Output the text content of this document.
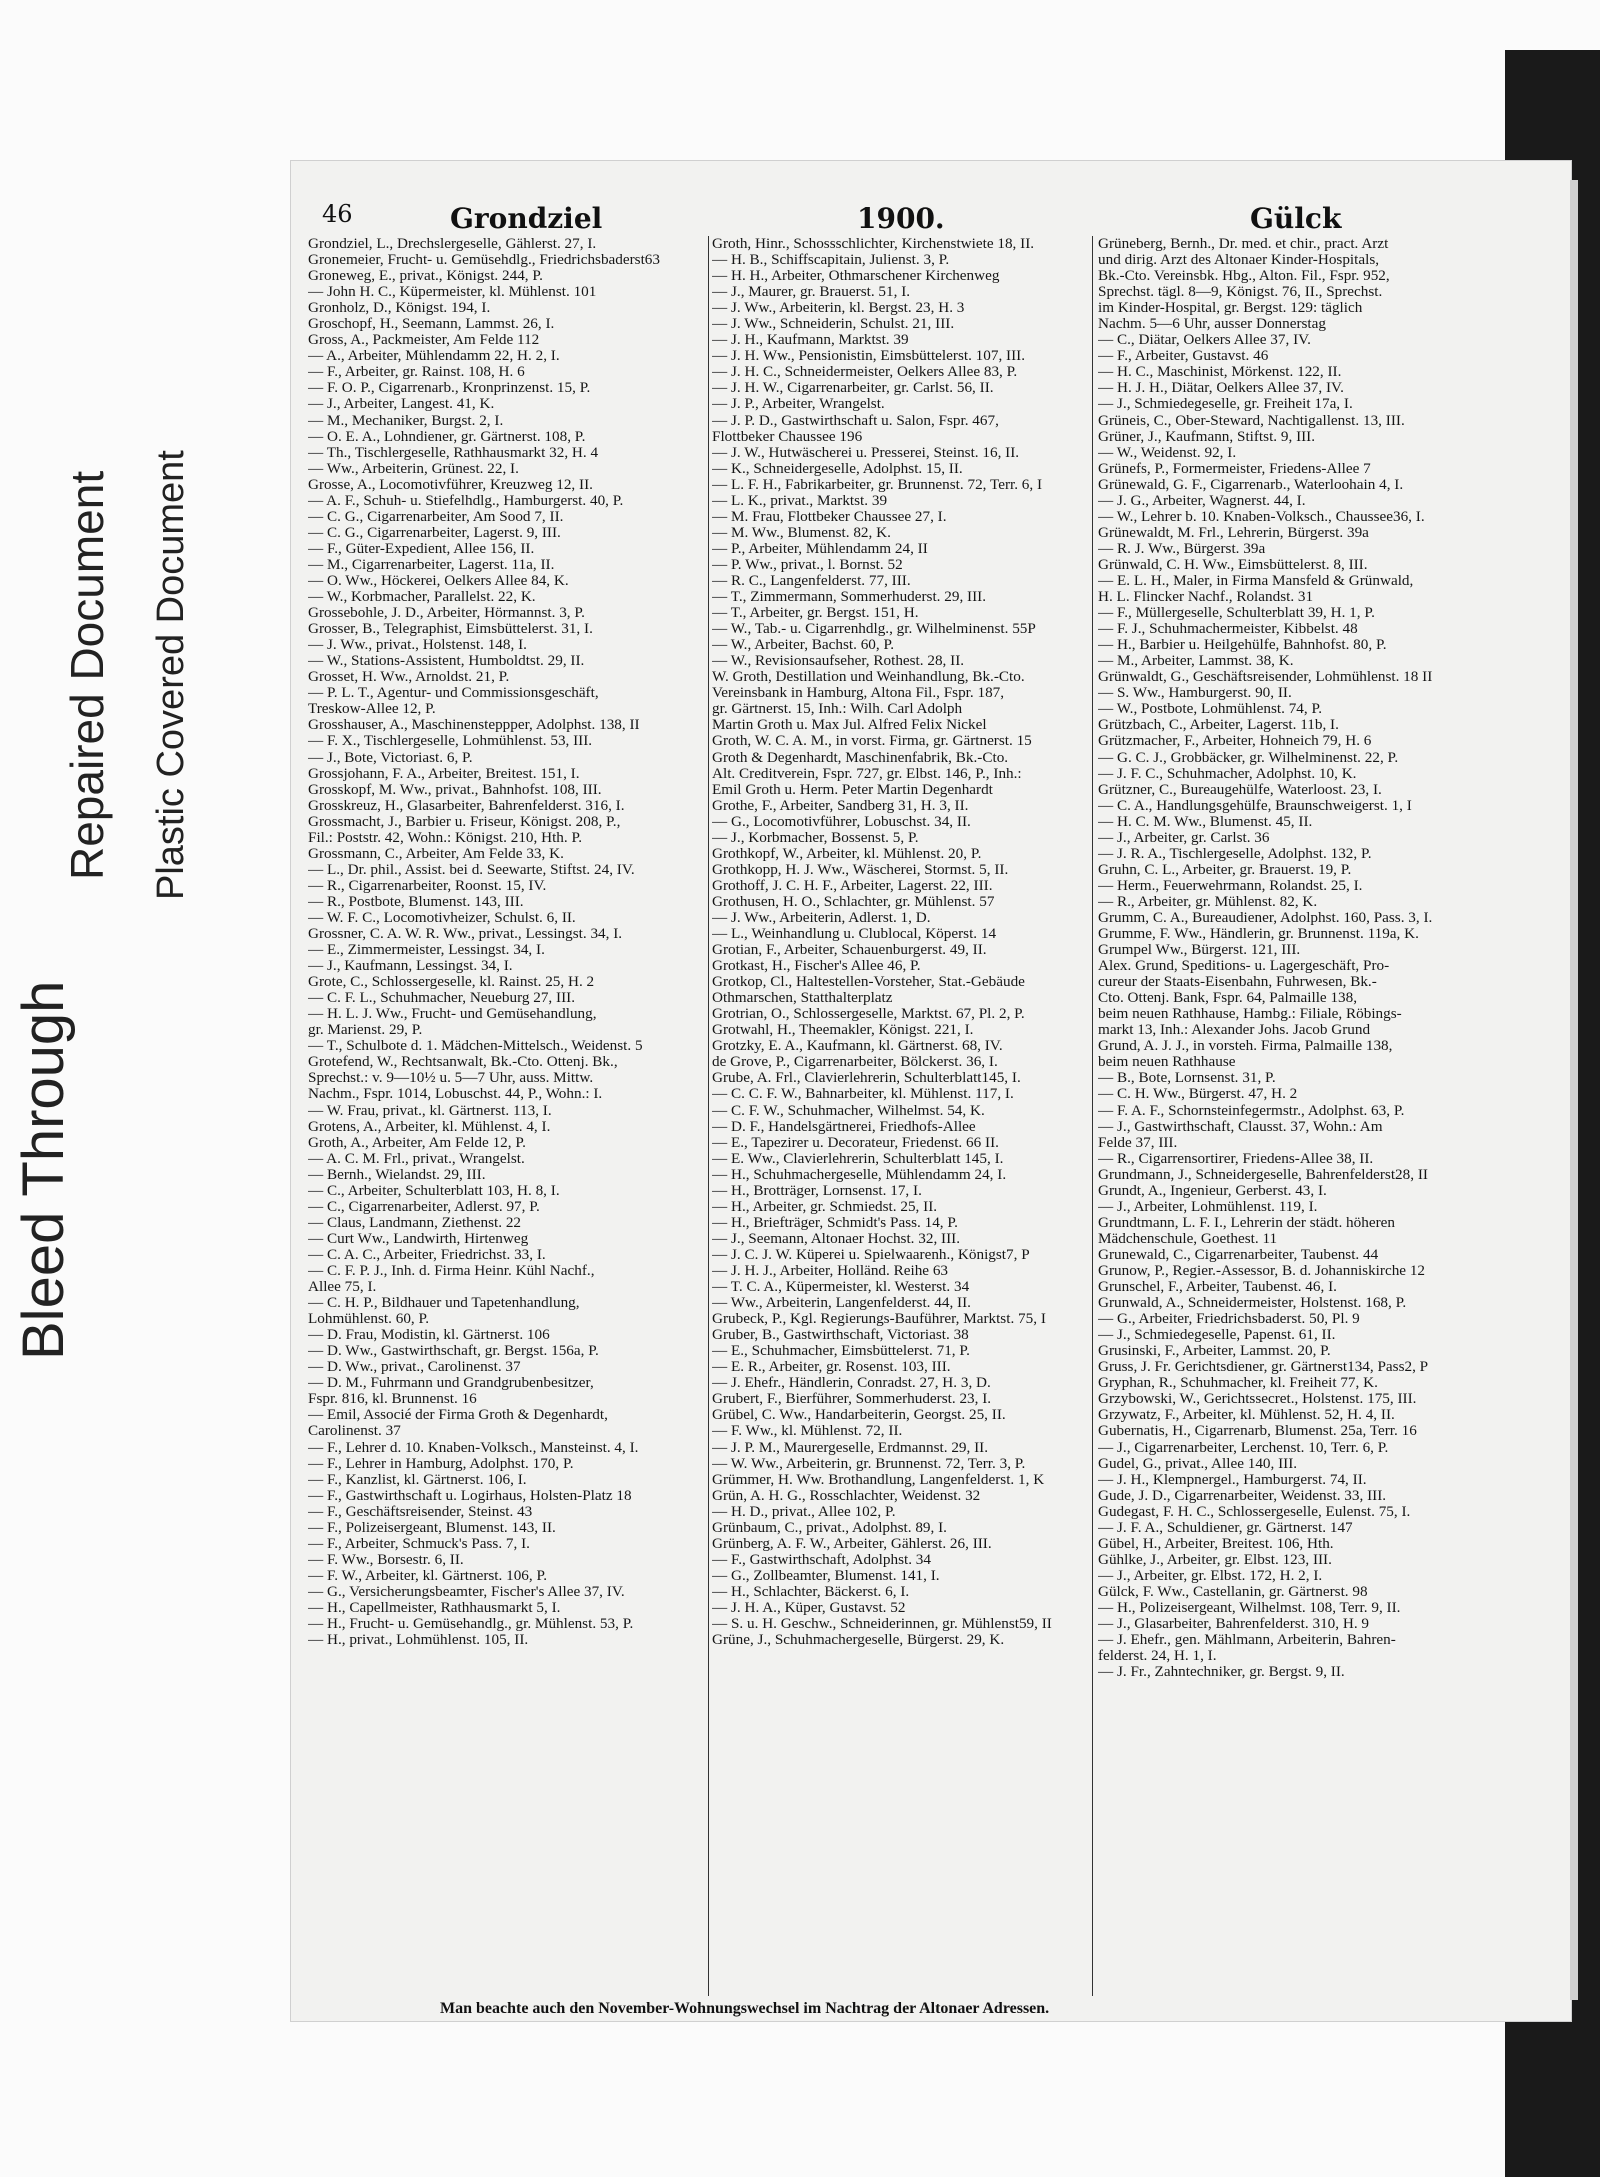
Bleed Through
Repaired Document Plastic Covered Document
46	Grondziel	1900.	Gülck
Grondziel, L., Drechslergeselle, Gählerst. 27, I.
Gronemeier, Frucht- u. Gemüsehdlg., Friedrichsbaderst63
Groneweg, E., privat., Königst. 244, P.
— John H. C., Küpermeister, kl. Mühlenst. 101
Gronholz, D., Königst. 194, I.
Groschopf, H., Seemann, Lammst. 26, I.
Gross, A., Packmeister, Am Felde 112
— A., Arbeiter, Mühlendamm 22, H. 2, I.
— F., Arbeiter, gr. Rainst. 108, H. 6
— F. O. P., Cigarrenarb., Kronprinzenst. 15, P.
— J., Arbeiter, Langest. 41, K.
— M., Mechaniker, Burgst. 2, I.
— O. E. A., Lohndiener, gr. Gärtnerst. 108, P.
— Th., Tischlergeselle, Rathhausmarkt 32, H. 4
— Ww., Arbeiterin, Grünest. 22, I.
Grosse, A., Locomotivführer, Kreuzweg 12, II.
— A. F., Schuh- u. Stiefelhdlg., Hamburgerst. 40, P.
— C. G., Cigarrenarbeiter, Am Sood 7, II.
— C. G., Cigarrenarbeiter, Lagerst. 9, III.
— F., Güter-Expedient, Allee 156, II.
— M., Cigarrenarbeiter, Lagerst. 11a, II.
— O. Ww., Höckerei, Oelkers Allee 84, K.
— W., Korbmacher, Parallelst. 22, K.
Grossebohle, J. D., Arbeiter, Hörmannst. 3, P.
Grosser, B., Telegraphist, Eimsbüttelerst. 31, I.
— J. Ww., privat., Holstenst. 148, I.
— W., Stations-Assistent, Humboldtst. 29, II.
Grosset, H. Ww., Arnoldst. 21, P.
— P. L. T., Agentur- und Commissionsgeschäft,
Treskow-Allee 12, P.
Grosshauser, A., Maschinensteppper, Adolphst. 138, II
— F. X., Tischlergeselle, Lohmühlenst. 53, III.
— J., Bote, Victoriast. 6, P.
Grossjohann, F. A., Arbeiter, Breitest. 151, I.
Grosskopf, M. Ww., privat., Bahnhofst. 108, III.
Grosskreuz, H., Glasarbeiter, Bahrenfelderst. 316, I.
Grossmacht, J., Barbier u. Friseur, Königst. 208, P.,
Fil.: Poststr. 42, Wohn.: Königst. 210, Hth. P.
Grossmann, C., Arbeiter, Am Felde 33, K.
— L., Dr. phil., Assist. bei d. Seewarte, Stiftst. 24, IV.
— R., Cigarrenarbeiter, Roonst. 15, IV.
— R., Postbote, Blumenst. 143, III.
— W. F. C., Locomotivheizer, Schulst. 6, II.
Grossner, C. A. W. R. Ww., privat., Lessingst. 34, I.
— E., Zimmermeister, Lessingst. 34, I.
— J., Kaufmann, Lessingst. 34, I.
Grote, C., Schlossergeselle, kl. Rainst. 25, H. 2
— C. F. L., Schuhmacher, Neueburg 27, III.
— H. L. J. Ww., Frucht- und Gemüsehandlung,
gr. Marienst. 29, P.
— T., Schulbote d. 1. Mädchen-Mittelsch., Weidenst. 5
Grotefend, W., Rechtsanwalt, Bk.-Cto. Ottenj. Bk.,
Sprechst.: v. 9—10½ u. 5—7 Uhr, auss. Mittw.
Nachm., Fspr. 1014, Lobuschst. 44, P., Wohn.: I.
— W. Frau, privat., kl. Gärtnerst. 113, I.
Grotens, A., Arbeiter, kl. Mühlenst. 4, I.
Groth, A., Arbeiter, Am Felde 12, P.
— A. C. M. Frl., privat., Wrangelst.
— Bernh., Wielandst. 29, III.
— C., Arbeiter, Schulterblatt 103, H. 8, I.
— C., Cigarrenarbeiter, Adlerst. 97, P.
— Claus, Landmann, Ziethenst. 22
— Curt Ww., Landwirth, Hirtenweg
— C. A. C., Arbeiter, Friedrichst. 33, I.
— C. F. P. J., Inh. d. Firma Heinr. Kühl Nachf.,
Allee 75, I.
— C. H. P., Bildhauer und Tapetenhandlung,
Lohmühlenst. 60, P.
— D. Frau, Modistin, kl. Gärtnerst. 106
— D. Ww., Gastwirthschaft, gr. Bergst. 156a, P.
— D. Ww., privat., Carolinenst. 37
— D. M., Fuhrmann und Grandgrubenbesitzer,
Fspr. 816, kl. Brunnenst. 16
— Emil, Associé der Firma Groth & Degenhardt,
Carolinenst. 37
— F., Lehrer d. 10. Knaben-Volksch., Mansteinst. 4, I.
— F., Lehrer in Hamburg, Adolphst. 170, P.
— F., Kanzlist, kl. Gärtnerst. 106, I.
— F., Gastwirthschaft u. Logirhaus, Holsten-Platz 18
— F., Geschäftsreisender, Steinst. 43
— F., Polizeisergeant, Blumenst. 143, II.
— F., Arbeiter, Schmuck's Pass. 7, I.
— F. Ww., Borsestr. 6, II.
— F. W., Arbeiter, kl. Gärtnerst. 106, P.
— G., Versicherungsbeamter, Fischer's Allee 37, IV.
— H., Capellmeister, Rathhausmarkt 5, I.
— H., Frucht- u. Gemüsehandlg., gr. Mühlenst. 53, P.
— H., privat., Lohmühlenst. 105, II.
Groth, Hinr., Schossschlichter, Kirchenstwiete 18, II.
— H. B., Schiffscapitain, Julienst. 3, P.
— H. H., Arbeiter, Othmarschener Kirchenweg
— J., Maurer, gr. Brauerst. 51, I.
— J. Ww., Arbeiterin, kl. Bergst. 23, H. 3
— J. Ww., Schneiderin, Schulst. 21, III.
— J. H., Kaufmann, Marktst. 39
— J. H. Ww., Pensionistin, Eimsbüttelerst. 107, III.
— J. H. C., Schneidermeister, Oelkers Allee 83, P.
— J. H. W., Cigarrenarbeiter, gr. Carlst. 56, II.
— J. P., Arbeiter, Wrangelst.
— J. P. D., Gastwirthschaft u. Salon, Fspr. 467,
Flottbeker Chaussee 196
— J. W., Hutwäscherei u. Presserei, Steinst. 16, II.
— K., Schneidergeselle, Adolphst. 15, II.
— L. F. H., Fabrikarbeiter, gr. Brunnenst. 72, Terr. 6, I
— L. K., privat., Marktst. 39
— M. Frau, Flottbeker Chaussee 27, I.
— M. Ww., Blumenst. 82, K.
— P., Arbeiter, Mühlendamm 24, II
— P. Ww., privat., l. Bornst. 52
— R. C., Langenfelderst. 77, III.
— T., Zimmermann, Sommerhuderst. 29, III.
— T., Arbeiter, gr. Bergst. 151, H.
— W., Tab.- u. Cigarrenhdlg., gr. Wilhelminenst. 55P
— W., Arbeiter, Bachst. 60, P.
— W., Revisionsaufseher, Rothest. 28, II.
W. Groth, Destillation und Weinhandlung, Bk.-Cto.
Vereinsbank in Hamburg, Altona Fil., Fspr. 187,
gr. Gärtnerst. 15, Inh.: Wilh. Carl Adolph
Martin Groth u. Max Jul. Alfred Felix Nickel
Groth, W. C. A. M., in vorst. Firma, gr. Gärtnerst. 15
Groth & Degenhardt, Maschinenfabrik, Bk.-Cto.
Alt. Creditverein, Fspr. 727, gr. Elbst. 146, P., Inh.:
Emil Groth u. Herm. Peter Martin Degenhardt
Grothe, F., Arbeiter, Sandberg 31, H. 3, II.
— G., Locomotivführer, Lobuschst. 34, II.
— J., Korbmacher, Bossenst. 5, P.
Grothkopf, W., Arbeiter, kl. Mühlenst. 20, P.
Grothkopp, H. J. Ww., Wäscherei, Stormst. 5, II.
Grothoff, J. C. H. F., Arbeiter, Lagerst. 22, III.
Grothusen, H. O., Schlachter, gr. Mühlenst. 57
— J. Ww., Arbeiterin, Adlerst. 1, D.
— L., Weinhandlung u. Clublocal, Köperst. 14
Grotian, F., Arbeiter, Schauenburgerst. 49, II.
Grotkast, H., Fischer's Allee 46, P.
Grotkop, Cl., Haltestellen-Vorsteher, Stat.-Gebäude
Othmarschen, Statthalterplatz
Grotrian, O., Schlossergeselle, Marktst. 67, Pl. 2, P.
Grotwahl, H., Theemakler, Königst. 221, I.
Grotzky, E. A., Kaufmann, kl. Gärtnerst. 68, IV.
de Grove, P., Cigarrenarbeiter, Bölckerst. 36, I.
Grube, A. Frl., Clavierlehrerin, Schulterblatt145, I.
— C. C. F. W., Bahnarbeiter, kl. Mühlenst. 117, I.
— C. F. W., Schuhmacher, Wilhelmst. 54, K.
— D. F., Handelsgärtnerei, Friedhofs-Allee
— E., Tapezirer u. Decorateur, Friedenst. 66 II.
— E. Ww., Clavierlehrerin, Schulterblatt 145, I.
— H., Schuhmachergeselle, Mühlendamm 24, I.
— H., Brotträger, Lornsenst. 17, I.
— H., Arbeiter, gr. Schmiedst. 25, II.
— H., Briefträger, Schmidt's Pass. 14, P.
— J., Seemann, Altonaer Hochst. 32, III.
— J. C. J. W. Küperei u. Spielwaarenh., Königst7, P
— J. H. J., Arbeiter, Holländ. Reihe 63
— T. C. A., Küpermeister, kl. Westerst. 34
— Ww., Arbeiterin, Langenfelderst. 44, II.
Grubeck, P., Kgl. Regierungs-Bauführer, Marktst. 75, I
Gruber, B., Gastwirthschaft, Victoriast. 38
— E., Schuhmacher, Eimsbüttelerst. 71, P.
— E. R., Arbeiter, gr. Rosenst. 103, III.
— J. Ehefr., Händlerin, Conradst. 27, H. 3, D.
Grubert, F., Bierführer, Sommerhuderst. 23, I.
Grübel, C. Ww., Handarbeiterin, Georgst. 25, II.
— F. Ww., kl. Mühlenst. 72, II.
— J. P. M., Maurergeselle, Erdmannst. 29, II.
— W. Ww., Arbeiterin, gr. Brunnenst. 72, Terr. 3, P.
Grümmer, H. Ww. Brothandlung, Langenfelderst. 1, K
Grün, A. H. G., Rosschlachter, Weidenst. 32
— H. D., privat., Allee 102, P.
Grünbaum, C., privat., Adolphst. 89, I.
Grünberg, A. F. W., Arbeiter, Gählerst. 26, III.
— F., Gastwirthschaft, Adolphst. 34
— G., Zollbeamter, Blumenst. 141, I.
— H., Schlachter, Bäckerst. 6, I.
— J. H. A., Küper, Gustavst. 52
— S. u. H. Geschw., Schneiderinnen, gr. Mühlenst59, II
Grüne, J., Schuhmachergeselle, Bürgerst. 29, K.
Grüneberg, Bernh., Dr. med. et chir., pract. Arzt
und dirig. Arzt des Altonaer Kinder-Hospitals,
Bk.-Cto. Vereinsbk. Hbg., Alton. Fil., Fspr. 952,
Sprechst. tägl. 8—9, Königst. 76, II., Sprechst.
im Kinder-Hospital, gr. Bergst. 129: täglich
Nachm. 5—6 Uhr, ausser Donnerstag
— C., Diätar, Oelkers Allee 37, IV.
— F., Arbeiter, Gustavst. 46
— H. C., Maschinist, Mörkenst. 122, II.
— H. J. H., Diätar, Oelkers Allee 37, IV.
— J., Schmiedegeselle, gr. Freiheit 17a, I.
Grüneis, C., Ober-Steward, Nachtigallenst. 13, III.
Grüner, J., Kaufmann, Stiftst. 9, III.
— W., Weidenst. 92, I.
Grünefs, P., Formermeister, Friedens-Allee 7
Grünewald, G. F., Cigarrenarb., Waterloohain 4, I.
— J. G., Arbeiter, Wagnerst. 44, I.
— W., Lehrer b. 10. Knaben-Volksch., Chaussee36, I.
Grünewaldt, M. Frl., Lehrerin, Bürgerst. 39a
— R. J. Ww., Bürgerst. 39a
Grünwald, C. H. Ww., Eimsbüttelerst. 8, III.
— E. L. H., Maler, in Firma Mansfeld & Grünwald,
H. L. Flincker Nachf., Rolandst. 31
— F., Müllergeselle, Schulterblatt 39, H. 1, P.
— F. J., Schuhmachermeister, Kibbelst. 48
— H., Barbier u. Heilgehülfe, Bahnhofst. 80, P.
— M., Arbeiter, Lammst. 38, K.
Grünwaldt, G., Geschäftsreisender, Lohmühlenst. 18 II
— S. Ww., Hamburgerst. 90, II.
— W., Postbote, Lohmühlenst. 74, P.
Grützbach, C., Arbeiter, Lagerst. 11b, I.
Grützmacher, F., Arbeiter, Hohneich 79, H. 6
— G. C. J., Grobbäcker, gr. Wilhelminenst. 22, P.
— J. F. C., Schuhmacher, Adolphst. 10, K.
Grützner, C., Bureaugehülfe, Waterloost. 23, I.
— C. A., Handlungsgehülfe, Braunschweigerst. 1, I
— H. C. M. Ww., Blumenst. 45, II.
— J., Arbeiter, gr. Carlst. 36
— J. R. A., Tischlergeselle, Adolphst. 132, P.
Gruhn, C. L., Arbeiter, gr. Brauerst. 19, P.
— Herm., Feuerwehrmann, Rolandst. 25, I.
— R., Arbeiter, gr. Mühlenst. 82, K.
Grumm, C. A., Bureaudiener, Adolphst. 160, Pass. 3, I.
Grumme, F. Ww., Händlerin, gr. Brunnenst. 119a, K.
Grumpel Ww., Bürgerst. 121, III.
Alex. Grund, Speditions- u. Lagergeschäft, Pro-
cureur der Staats-Eisenbahn, Fuhrwesen, Bk.-
Cto. Ottenj. Bank, Fspr. 64, Palmaille 138,
beim neuen Rathhause, Hambg.: Filiale, Röbings-
markt 13, Inh.: Alexander Johs. Jacob Grund
Grund, A. J. J., in vorsteh. Firma, Palmaille 138,
beim neuen Rathhause
— B., Bote, Lornsenst. 31, P.
— C. H. Ww., Bürgerst. 47, H. 2
— F. A. F., Schornsteinfegermstr., Adolphst. 63, P.
— J., Gastwirthschaft, Clausst. 37, Wohn.: Am
Felde 37, III.
— R., Cigarrensortirer, Friedens-Allee 38, II.
Grundmann, J., Schneidergeselle, Bahrenfelderst28, II
Grundt, A., Ingenieur, Gerberst. 43, I.
— J., Arbeiter, Lohmühlenst. 119, I.
Grundtmann, L. F. I., Lehrerin der städt. höheren
Mädchenschule, Goethest. 11
Grunewald, C., Cigarrenarbeiter, Taubenst. 44
Grunow, P., Regier.-Assessor, B. d. Johanniskirche 12
Grunschel, F., Arbeiter, Taubenst. 46, I.
Grunwald, A., Schneidermeister, Holstenst. 168, P.
— G., Arbeiter, Friedrichsbaderst. 50, Pl. 9
— J., Schmiedegeselle, Papenst. 61, II.
Grusinski, F., Arbeiter, Lammst. 20, P.
Gruss, J. Fr. Gerichtsdiener, gr. Gärtnerst134, Pass2, P
Gryphan, R., Schuhmacher, kl. Freiheit 77, K.
Grzybowski, W., Gerichtssecret., Holstenst. 175, III.
Grzywatz, F., Arbeiter, kl. Mühlenst. 52, H. 4, II.
Gubernatis, H., Cigarrenarb, Blumenst. 25a, Terr. 16
— J., Cigarrenarbeiter, Lerchenst. 10, Terr. 6, P.
Gudel, G., privat., Allee 140, III.
— J. H., Klempnergel., Hamburgerst. 74, II.
Gude, J. D., Cigarrenarbeiter, Weidenst. 33, III.
Gudegast, F. H. C., Schlossergeselle, Eulenst. 75, I.
— J. F. A., Schuldiener, gr. Gärtnerst. 147
Gübel, H., Arbeiter, Breitest. 106, Hth.
Gühlke, J., Arbeiter, gr. Elbst. 123, III.
— J., Arbeiter, gr. Elbst. 172, H. 2, I.
Gülck, F. Ww., Castellanin, gr. Gärtnerst. 98
— H., Polizeisergeant, Wilhelmst. 108, Terr. 9, II.
— J., Glasarbeiter, Bahrenfelderst. 310, H. 9
— J. Ehefr., gen. Mählmann, Arbeiterin, Bahren-
felderst. 24, H. 1, I.
— J. Fr., Zahntechniker, gr. Bergst. 9, II.
Man beachte auch den November-Wohnungswechsel im Nachtrag der Altonaer Adressen.
